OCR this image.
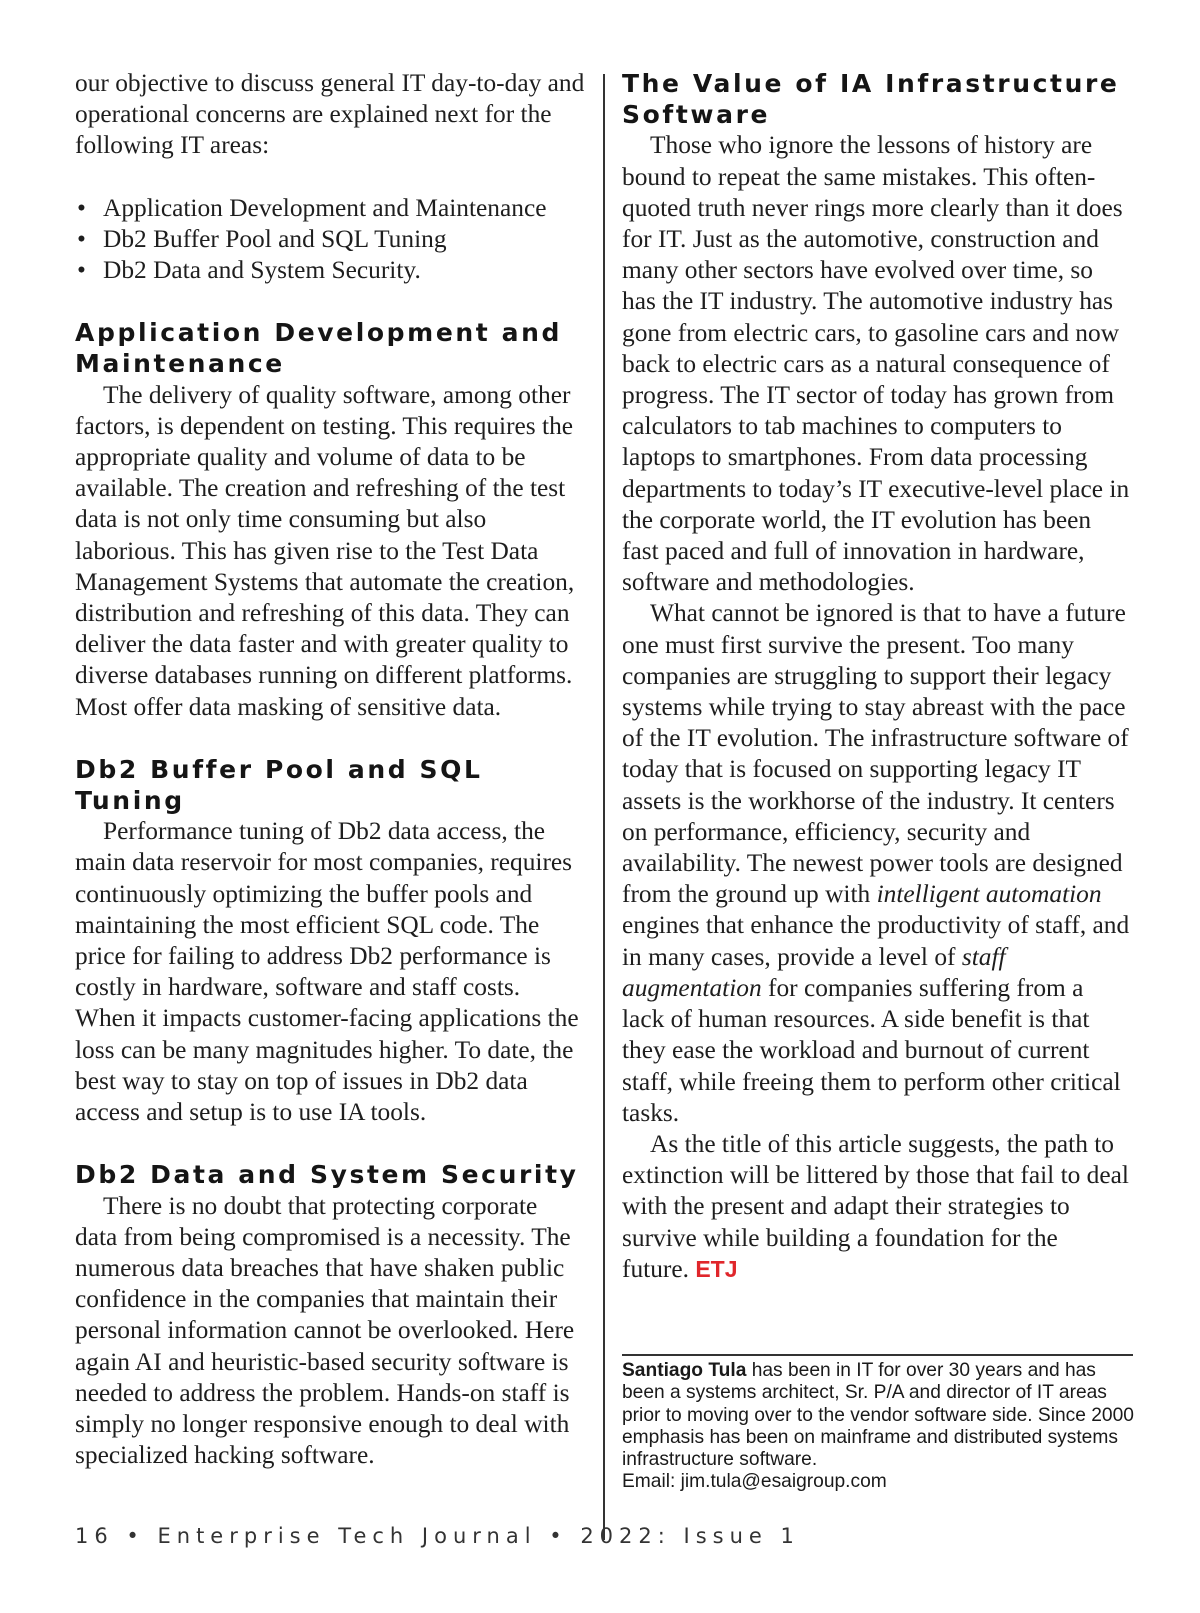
our objective to discuss general IT day-to-day and operational concerns are explained next for the following IT areas:

• Application Development and Maintenance
• Db2 Buffer Pool and SQL Tuning
• Db2 Data and System Security.
Application Development and Maintenance

The delivery of quality software, among other factors, is dependent on testing. This requires the appropriate quality and volume of data to be available. The creation and refreshing of the test data is not only time consuming but also laborious. This has given rise to the Test Data Management Systems that automate the creation, distribution and refreshing of this data. They can deliver the data faster and with greater quality to diverse databases running on different platforms. Most offer data masking of sensitive data.

Db2 Buffer Pool and SQL Tuning

Performance tuning of Db2 data access, the main data reservoir for most companies, requires continuously optimizing the buffer pools and maintaining the most efficient SQL code. The price for failing to address Db2 performance is costly in hardware, software and staff costs. When it impacts customer-facing applications the loss can be many magnitudes higher. To date, the best way to stay on top of issues in Db2 data access and setup is to use IA tools.

Db2 Data and System Security

There is no doubt that protecting corporate data from being compromised is a necessity. The numerous data breaches that have shaken public confidence in the companies that maintain their personal information cannot be overlooked. Here again AI and heuristic-based security software is needed to address the problem. Hands-on staff is simply no longer responsive enough to deal with specialized hacking software.

The Value of IA Infrastructure Software

Those who ignore the lessons of history are bound to repeat the same mistakes. This often-quoted truth never rings more clearly than it does for IT. Just as the automotive, construction and many other sectors have evolved over time, so has the IT industry. The automotive industry has gone from electric cars, to gasoline cars and now back to electric cars as a natural consequence of progress. The IT sector of today has grown from calculators to tab machines to computers to laptops to smartphones. From data processing departments to today’s IT executive-level place in the corporate world, the IT evolution has been fast paced and full of innovation in hardware, software and methodologies.

What cannot be ignored is that to have a future one must first survive the present. Too many companies are struggling to support their legacy systems while trying to stay abreast with the pace of the IT evolution. The infrastructure software of today that is focused on supporting legacy IT assets is the workhorse of the industry. It centers on performance, efficiency, security and availability. The newest power tools are designed from the ground up with intelligent automation engines that enhance the productivity of staff, and in many cases, provide a level of staff augmentation for companies suffering from a lack of human resources. A side benefit is that they ease the workload and burnout of current staff, while freeing them to perform other critical tasks.

As the title of this article suggests, the path to extinction will be littered by those that fail to deal with the present and adapt their strategies to survive while building a foundation for the future. ETJ

Santiago Tula has been in IT for over 30 years and has been a systems architect, Sr. P/A and director of IT areas prior to moving over to the vendor software side. Since 2000 emphasis has been on mainframe and distributed systems infrastructure software.
Email: jim.tula@esaigroup.com
16 • Enterprise Tech Journal • 2022: Issue 1
